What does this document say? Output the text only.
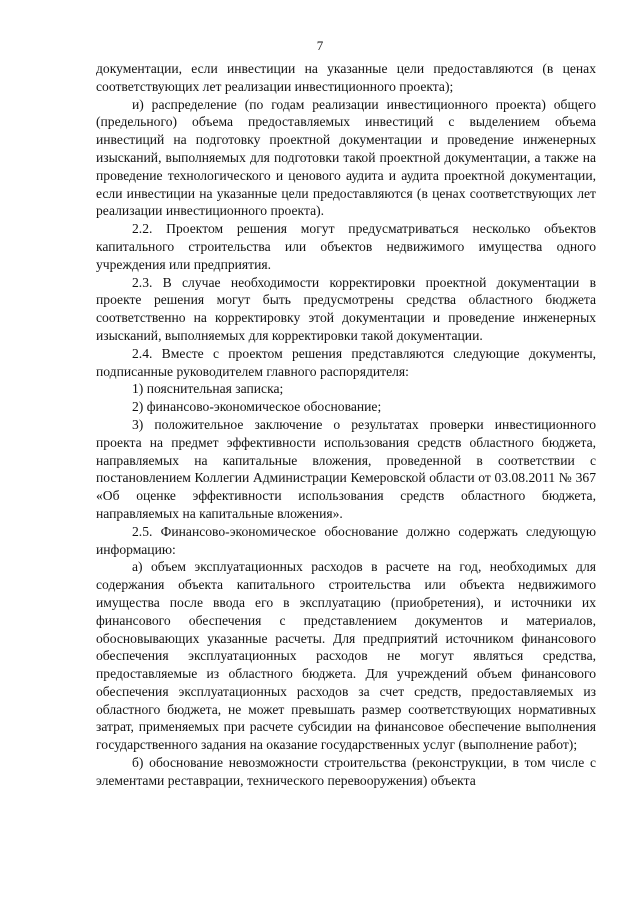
7

документации, если инвестиции на указанные цели предоставляются (в ценах соответствующих лет реализации инвестиционного проекта);

и) распределение (по годам реализации инвестиционного проекта) общего (предельного) объема предоставляемых инвестиций с выделением объема инвестиций на подготовку проектной документации и проведение инженерных изысканий, выполняемых для подготовки такой проектной документации, а также на проведение технологического и ценового аудита и аудита проектной документации, если инвестиции на указанные цели предоставляются (в ценах соответствующих лет реализации инвестиционного проекта).

2.2. Проектом решения могут предусматриваться несколько объектов капитального строительства или объектов недвижимого имущества одного учреждения или предприятия.

2.3. В случае необходимости корректировки проектной документации в проекте решения могут быть предусмотрены средства областного бюджета соответственно на корректировку этой документации и проведение инженерных изысканий, выполняемых для корректировки такой документации.

2.4. Вместе с проектом решения представляются следующие документы, подписанные руководителем главного распорядителя:

1) пояснительная записка;

2) финансово-экономическое обоснование;

3) положительное заключение о результатах проверки инвестиционного проекта на предмет эффективности использования средств областного бюджета, направляемых на капитальные вложения, проведенной в соответствии с постановлением Коллегии Администрации Кемеровской области от 03.08.2011 № 367 «Об оценке эффективности использования средств областного бюджета, направляемых на капитальные вложения».

2.5. Финансово-экономическое обоснование должно содержать следующую информацию:

а) объем эксплуатационных расходов в расчете на год, необходимых для содержания объекта капитального строительства или объекта недвижимого имущества после ввода его в эксплуатацию (приобретения), и источники их финансового обеспечения с представлением документов и материалов, обосновывающих указанные расчеты. Для предприятий источником финансового обеспечения эксплуатационных расходов не могут являться средства, предоставляемые из областного бюджета. Для учреждений объем финансового обеспечения эксплуатационных расходов за счет средств, предоставляемых из областного бюджета, не может превышать размер соответствующих нормативных затрат, применяемых при расчете субсидии на финансовое обеспечение выполнения государственного задания на оказание государственных услуг (выполнение работ);

б) обоснование невозможности строительства (реконструкции, в том числе с элементами реставрации, технического перевооружения) объекта
